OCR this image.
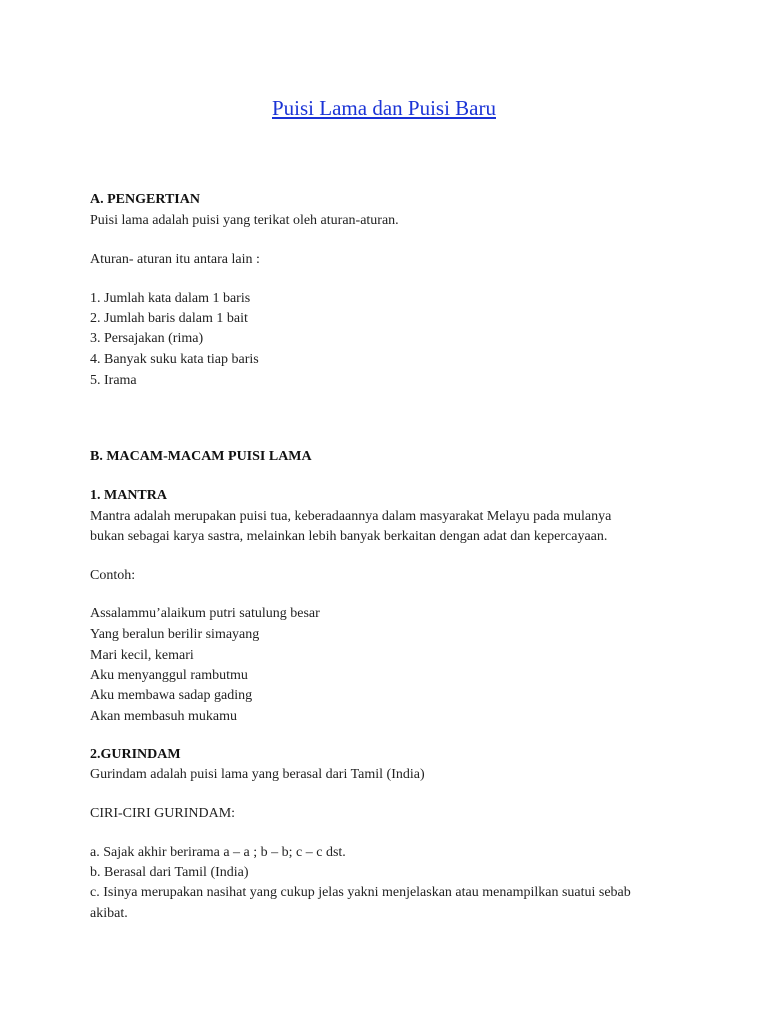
Puisi Lama dan Puisi Baru
A. PENGERTIAN
Puisi lama adalah puisi yang terikat oleh aturan-aturan.
Aturan- aturan itu antara lain :
1. Jumlah kata dalam 1 baris
2. Jumlah baris dalam 1 bait
3. Persajakan (rima)
4. Banyak suku kata tiap baris
5. Irama
B. MACAM-MACAM PUISI LAMA
1. MANTRA
Mantra adalah merupakan puisi tua, keberadaannya dalam masyarakat Melayu pada mulanya
bukan sebagai karya sastra, melainkan lebih banyak berkaitan dengan adat dan kepercayaan.
Contoh:
Assalammu’alaikum putri satulung besar
Yang beralun berilir simayang
Mari kecil, kemari
Aku menyanggul rambutmu
Aku membawa sadap gading
Akan membasuh mukamu
2.GURINDAM
Gurindam adalah puisi lama yang berasal dari Tamil (India)
CIRI-CIRI GURINDAM:
a. Sajak akhir berirama a – a ; b – b; c – c dst.
b. Berasal dari Tamil (India)
c. Isinya merupakan nasihat yang cukup jelas yakni menjelaskan atau menampilkan suatui sebab
akibat.
